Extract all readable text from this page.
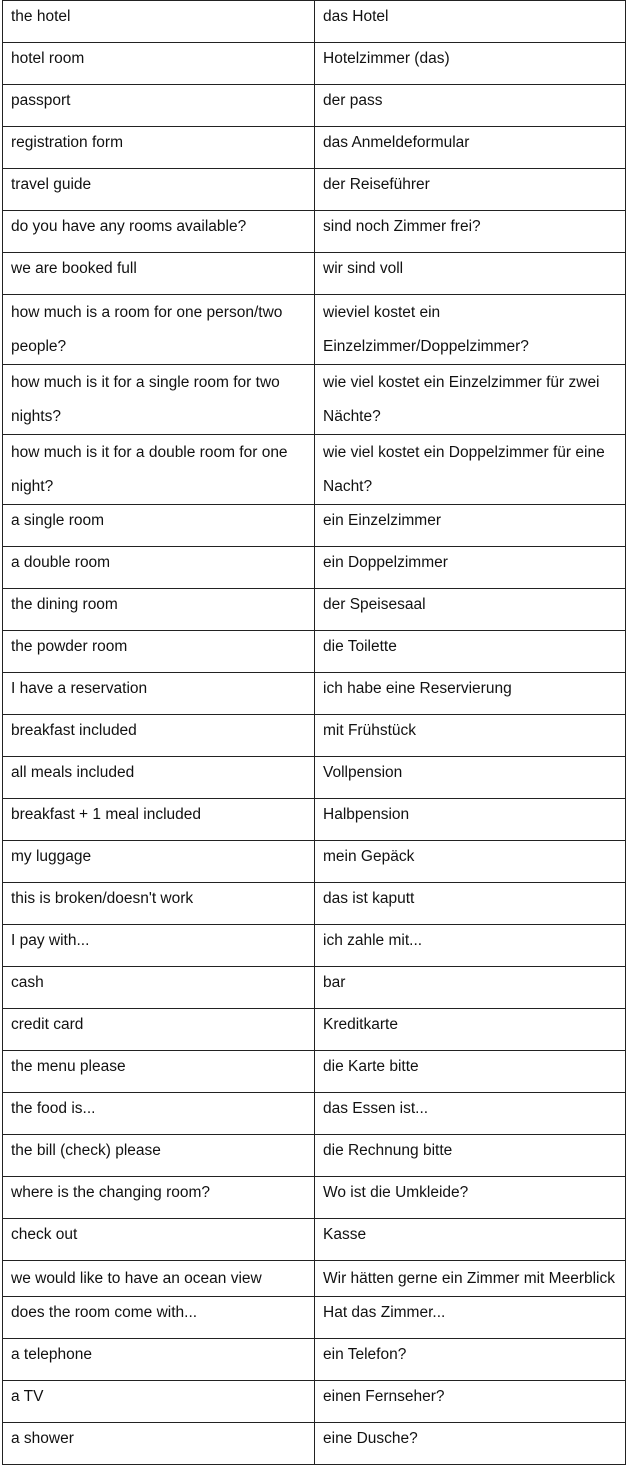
the hotel	das Hotel
hotel room	Hotelzimmer (das)
passport	der pass
registration form	das Anmeldeformular
travel guide	der Reiseführer
do you have any rooms available?	sind noch Zimmer frei?
we are booked full	wir sind voll
how much is a room for one person/two people?	wieviel kostet ein Einzelzimmer/Doppelzimmer?
how much is it for a single room for two nights?	wie viel kostet ein Einzelzimmer für zwei Nächte?
how much is it for a double room for one night?	wie viel kostet ein Doppelzimmer für eine Nacht?
a single room	ein Einzelzimmer
a double room	ein Doppelzimmer
the dining room	der Speisesaal
the powder room	die Toilette
I have a reservation	ich habe eine Reservierung
breakfast included	mit Frühstück
all meals included	Vollpension
breakfast + 1 meal included	Halbpension
my luggage	mein Gepäck
this is broken/doesn't work	das ist kaputt
I pay with...	ich zahle mit...
cash	bar
credit card	Kreditkarte
the menu please	die Karte bitte
the food is...	das Essen ist...
the bill (check) please	die Rechnung bitte
where is the changing room?	Wo ist die Umkleide?
check out	Kasse
we would like to have an ocean view	Wir hätten gerne ein Zimmer mit Meerblick
does the room come with...	Hat das Zimmer...
a telephone	ein Telefon?
a TV	einen Fernseher?
a shower	eine Dusche?
